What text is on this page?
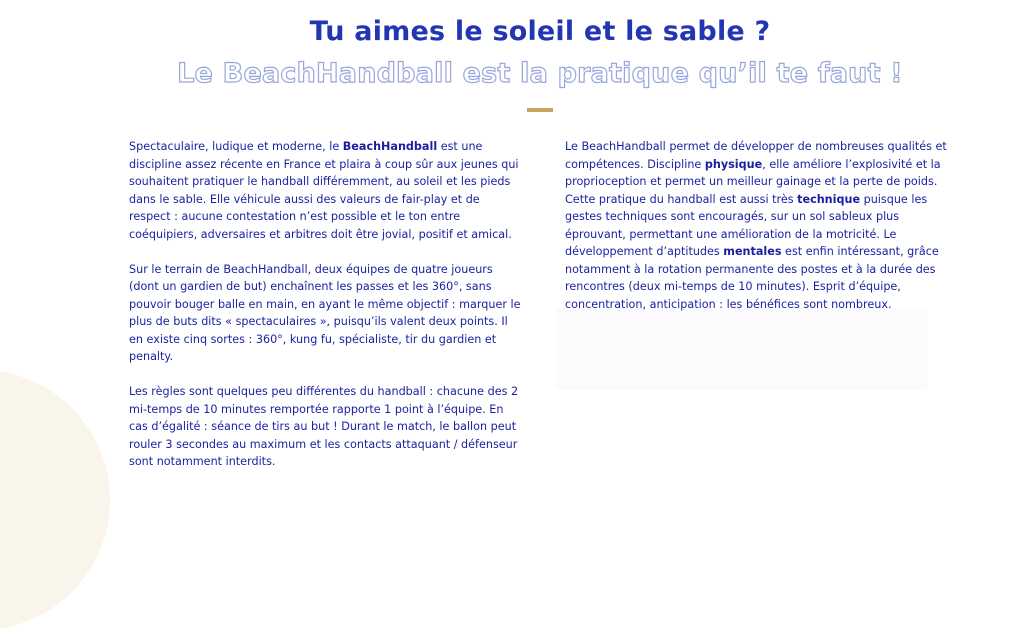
Tu aimes le soleil et le sable ?
Le BeachHandball est la pratique qu’il te faut !

Spectaculaire, ludique et moderne, le BeachHandball est une discipline assez récente en France et plaira à coup sûr aux jeunes qui souhaitent pratiquer le handball différemment, au soleil et les pieds dans le sable. Elle véhicule aussi des valeurs de fair-play et de respect : aucune contestation n’est possible et le ton entre coéquipiers, adversaires et arbitres doit être jovial, positif et amical.

Sur le terrain de BeachHandball, deux équipes de quatre joueurs (dont un gardien de but) enchaînent les passes et les 360°, sans pouvoir bouger balle en main, en ayant le même objectif : marquer le plus de buts dits « spectaculaires », puisqu’ils valent deux points. Il en existe cinq sortes : 360°, kung fu, spécialiste, tir du gardien et penalty.

Les règles sont quelques peu différentes du handball : chacune des 2 mi-temps de 10 minutes remportée rapporte 1 point à l’équipe. En cas d’égalité : séance de tirs au but ! Durant le match, le ballon peut rouler 3 secondes au maximum et les contacts attaquant / défenseur sont notamment interdits.

Le BeachHandball permet de développer de nombreuses qualités et compétences. Discipline physique, elle améliore l’explosivité et la proprioception et permet un meilleur gainage et la perte de poids. Cette pratique du handball est aussi très technique puisque les gestes techniques sont encouragés, sur un sol sableux plus éprouvant, permettant une amélioration de la motricité. Le développement d’aptitudes mentales est enfin intéressant, grâce notamment à la rotation permanente des postes et à la durée des rencontres (deux mi-temps de 10 minutes). Esprit d’équipe, concentration, anticipation : les bénéfices sont nombreux.
